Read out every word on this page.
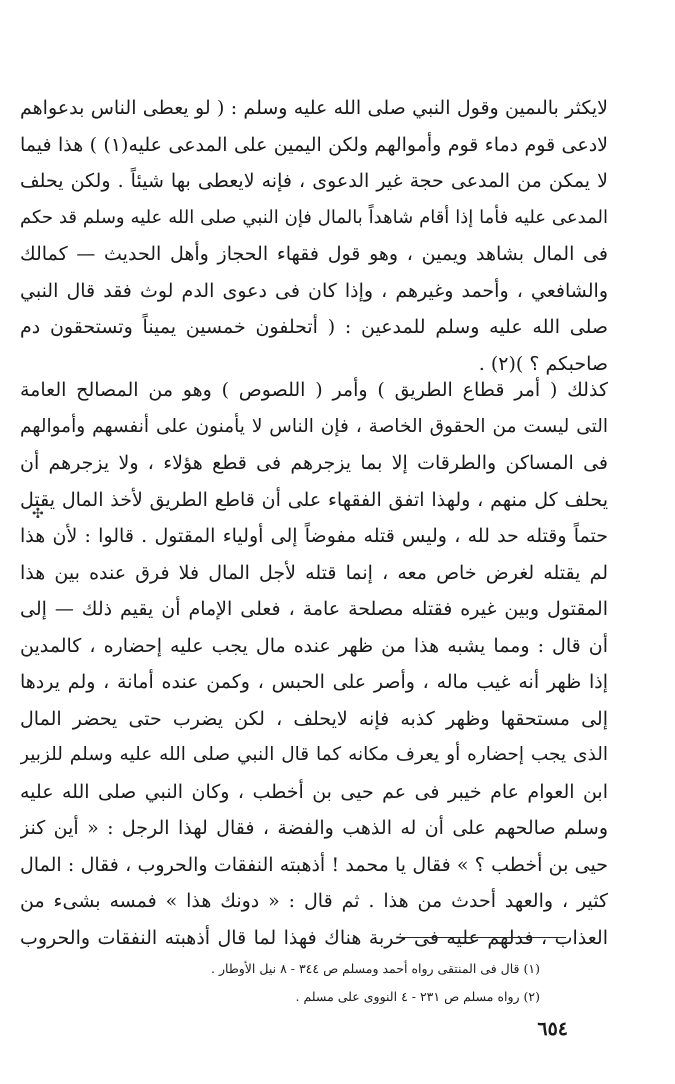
لايكثر بالىمين وقول النبي صلى الله عليه وسلم : ( لو يعطى الناس بدعواهم
لادعى قوم دماء قوم وأموالهم ولكن اليمين على المدعى عليه(١) ) هذا فيما
لا يمكن من المدعى حجة غير الدعوى ، فإنه لايعطى بها شيئاً . ولكن يحلف
المدعى عليه فأما إذا أقام شاهداً بالمال فإن النبي صلى الله عليه وسلم قد حكم
فى المال بشاهد ويمين ، وهو قول فقهاء الحجاز وأهل الحديث — كمالك
والشافعي ، وأحمد وغيرهم ، وإذا كان فى دعوى الدم لوث فقد قال النبي
صلى الله عليه وسلم للمدعين : ( أتحلفون خمسين يميناً وتستحقون دم
صاحبكم ؟ )(٢) .
كذلك ( أمر قطاع الطريق ) وأمر ( اللصوص ) وهو من المصالح العامة
التى ليست من الحقوق الخاصة ، فإن الناس لا يأمنون على أنفسهم وأموالهم
فى المساكن والطرقات إلا بما يزجرهم فى قطع هؤلاء ، ولا يزجرهم أن
يحلف كل منهم ، ولهذا اتفق الفقهاء على أن قاطع الطريق لأخذ المال يقتل
حتماً وقتله حد لله ، وليس قتله مفوضاً إلى أولياء المقتول . قالوا : لأن هذا
لم يقتله لغرض خاص معه ، إنما قتله لأجل المال فلا فرق عنده بين هذا
المقتول وبين غيره فقتله مصلحة عامة ، فعلى الإمام أن يقيم ذلك — إلى
أن قال : ومما يشبه هذا من ظهر عنده مال يجب عليه إحضاره ، كالمدين
إذا ظهر أنه غيب ماله ، وأصر على الحبس ، وكمن عنده أمانة ، ولم يردها
إلى مستحقها وظهر كذبه فإنه لايحلف ، لكن يضرب حتى يحضر المال
الذى يجب إحضاره أو يعرف مكانه كما قال النبي صلى الله عليه وسلم للزبير
ابن العوام عام خيبر فى عم حيى بن أخطب ، وكان النبي صلى الله عليه
وسلم صالحهم على أن له الذهب والفضة ، فقال لهذا الرجل : « أين كنز
حيى بن أخطب ؟ » فقال يا محمد ! أذهبته النفقات والحروب ، فقال : المال
كثير ، والعهد أحدث من هذا . ثم قال : « دونك هذا » فمسه بشىء من
العذاب ، فدلهم عليه فى خربة هناك فهذا لما قال أذهبته النفقات والحروب
✣
(١) قال فى المنتقى رواه أحمد ومسلم ص ٣٤٤ - ٨ نيل الأوطار .
(٢) رواه مسلم ص ٢٣١ - ٤ النووى على مسلم .
٦٥٤
